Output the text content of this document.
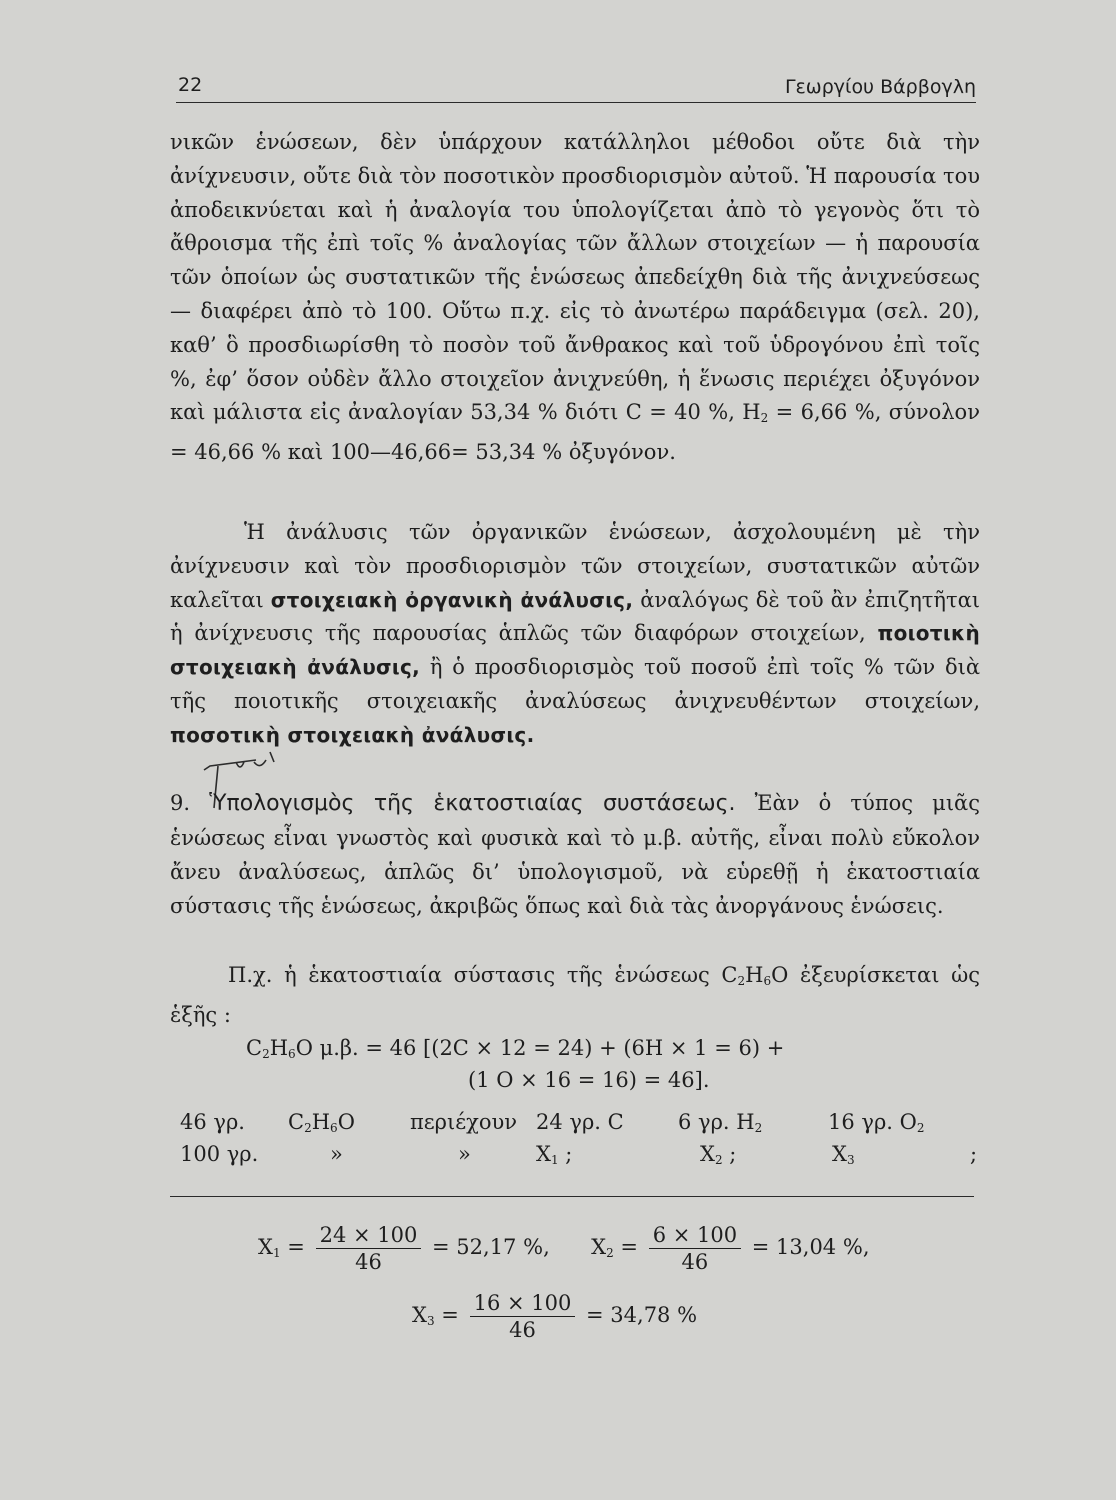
22	Γεωργίου Βάρβογλη
νικῶν ἑνώσεων, δὲν ὑπάρχουν κατάλληλοι μέθοδοι οὔτε διὰ τὴν ἀνίχνευσιν, οὔτε διὰ τὸν ποσοτικὸν προσδιορισμὸν αὐτοῦ. Ἡ παρουσία του ἀποδεικνύεται καὶ ἡ ἀναλογία του ὑπολογίζεται ἀπὸ τὸ γεγονὸς ὅτι τὸ ἄθροισμα τῆς ἐπὶ τοῖς % ἀναλογίας τῶν ἄλλων στοιχείων — ἡ παρουσία τῶν ὁποίων ὡς συστατικῶν τῆς ἑνώσεως ἀπεδείχθη διὰ τῆς ἀνιχνεύσεως — διαφέρει ἀπὸ τὸ 100. Οὕτω π.χ. εἰς τὸ ἀνωτέρω παράδειγμα (σελ. 20), καθ’ ὃ προσδιωρίσθη τὸ ποσὸν τοῦ ἄνθρακος καὶ τοῦ ὑδρογόνου ἐπὶ τοῖς %, ἐφ’ ὅσον οὐδὲν ἄλλο στοιχεῖον ἀνιχνεύθη, ἡ ἕνωσις περιέχει ὀξυγόνον καὶ μάλιστα εἰς ἀναλογίαν 53,34 % διότι C = 40 %, $H_2 = 6,66$ %, σύνολον = 46,66 % καὶ 100—46,66= 53,34 % ὀξυγόνον.
Ἡ ἀνάλυσις τῶν ὀργανικῶν ἑνώσεων, ἀσχολουμένη μὲ τὴν ἀνίχνευσιν καὶ τὸν προσδιορισμὸν τῶν στοιχείων, συστατικῶν αὐτῶν καλεῖται στοιχειακὴ ὀργανικὴ ἀνάλυσις, ἀναλόγως δὲ τοῦ ἂν ἐπιζητῆται ἡ ἀνίχνευσις τῆς παρουσίας ἁπλῶς τῶν διαφόρων στοιχείων, ποιοτικὴ στοιχειακὴ ἀνάλυσις, ἢ ὁ προσδιορισμὸς τοῦ ποσοῦ ἐπὶ τοῖς % τῶν διὰ τῆς ποιοτικῆς στοιχειακῆς ἀναλύσεως ἀνιχνευθέντων στοιχείων, ποσοτικὴ στοιχειακὴ ἀνάλυσις.
9. Ὑπολογισμὸς τῆς ἑκατοστιαίας συστάσεως. Ἐὰν ὁ τύπος μιᾶς ἑνώσεως εἶναι γνωστὸς καὶ φυσικὰ καὶ τὸ μ.β. αὐτῆς, εἶναι πολὺ εὔκολον ἄνευ ἀναλύσεως, ἁπλῶς δι’ ὑπολογισμοῦ, νὰ εὑρεθῇ ἡ ἑκατοστιαία σύστασις τῆς ἑνώσεως, ἀκριβῶς ὅπως καὶ διὰ τὰς ἀνοργάνους ἑνώσεις.
Π.χ. ἡ ἑκατοστιαία σύστασις τῆς ἑνώσεως $C_2H_6O$ ἐξευρίσκεται ὡς ἑξῆς :
$C_2H_6O$ μ.β. = 46 [(2C × 12 = 24) + (6H × 1 = 6) +
(1 O × 16 = 16) = 46].
46 γρ. $C_2H_6O$	περιέχουν 24 γρ. C	6 γρ. $H_2$	16 γρ. $O_2$
100 γρ.	»	»	$X_1$ ;	$X_2$ ;	$X_3$	;
$X_1 = \frac{24 \times 100}{46} = 52,17$ %, $X_2 = \frac{6 \times 100}{46} = 13,04$ %,
$X_3 = \frac{16 \times 100}{46} = 34,78$ %
